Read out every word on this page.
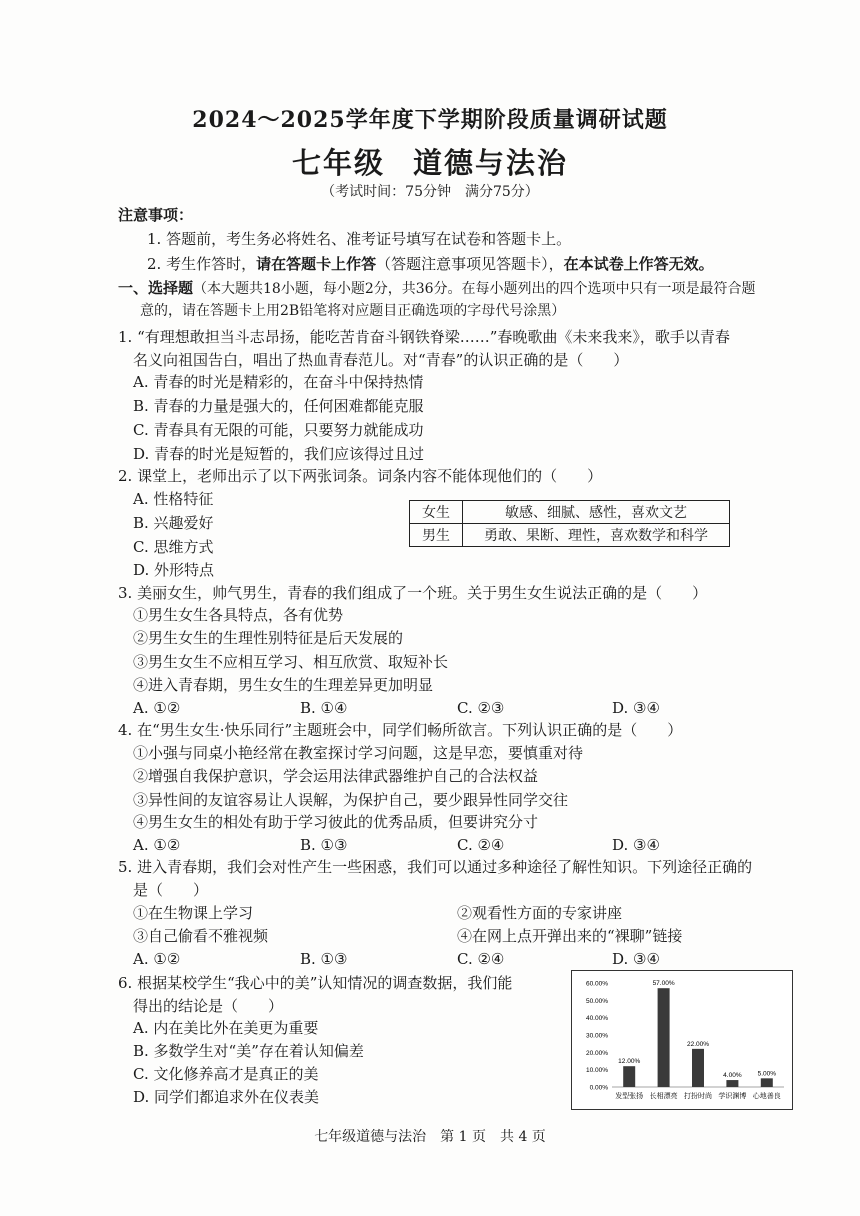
2024～2025学年度下学期阶段质量调研试题
七年级 道德与法治
（考试时间：75分钟　满分75分）
注意事项：
1. 答题前，考生务必将姓名、准考证号填写在试卷和答题卡上。
2. 考生作答时，请在答题卡上作答（答题注意事项见答题卡），在本试卷上作答无效。
一、选择题（本大题共18小题，每小题2分，共36分。在每小题列出的四个选项中只有一项是最符合题
意的，请在答题卡上用2B铅笔将对应题目正确选项的字母代号涂黑）
1. “有理想敢担当斗志昂扬，能吃苦肯奋斗钢铁脊梁……”春晚歌曲《未来我来》，歌手以青春
名义向祖国告白，唱出了热血青春范儿。对“青春”的认识正确的是（　　）
A. 青春的时光是精彩的，在奋斗中保持热情
B. 青春的力量是强大的，任何困难都能克服
C. 青春具有无限的可能，只要努力就能成功
D. 青春的时光是短暂的，我们应该得过且过
2. 课堂上，老师出示了以下两张词条。词条内容不能体现他们的（　　）
A. 性格特征
B. 兴趣爱好
C. 思维方式
D. 外形特点
女生	敏感、细腻、感性，喜欢文艺
男生	勇敢、果断、理性，喜欢数学和科学
3. 美丽女生，帅气男生，青春的我们组成了一个班。关于男生女生说法正确的是（　　）
①男生女生各具特点，各有优势
②男生女生的生理性别特征是后天发展的
③男生女生不应相互学习、相互欣赏、取短补长
④进入青春期，男生女生的生理差异更加明显
A. ①②	B. ①④	C. ②③	D. ③④
4. 在“男生女生·快乐同行”主题班会中，同学们畅所欲言。下列认识正确的是（　　）
①小强与同桌小艳经常在教室探讨学习问题，这是早恋，要慎重对待
②增强自我保护意识，学会运用法律武器维护自己的合法权益
③异性间的友谊容易让人误解，为保护自己，要少跟异性同学交往
④男生女生的相处有助于学习彼此的优秀品质，但要讲究分寸
A. ①②	B. ①③	C. ②④	D. ③④
5. 进入青春期，我们会对性产生一些困惑，我们可以通过多种途径了解性知识。下列途径正确的
是（　　）
①在生物课上学习	②观看性方面的专家讲座
③自己偷看不雅视频	④在网上点开弹出来的“裸聊”链接
A. ①②	B. ①③	C. ②④	D. ③④
6. 根据某校学生“我心中的美”认知情况的调查数据，我们能
得出的结论是（　　）
A. 内在美比外在美更为重要
B. 多数学生对“美”存在着认知偏差
C. 文化修养高才是真正的美
D. 同学们都追求外在仪表美	0.00%
10.00%
20.00%
30.00%
40.00%
50.00%
60.00%
12.00%
发型张扬
57.00%
长相漂亮
22.00%
打扮时尚
4.00%
学识渊博
5.00%
心地善良
七年级道德与法治　第 1 页　共 4 页
